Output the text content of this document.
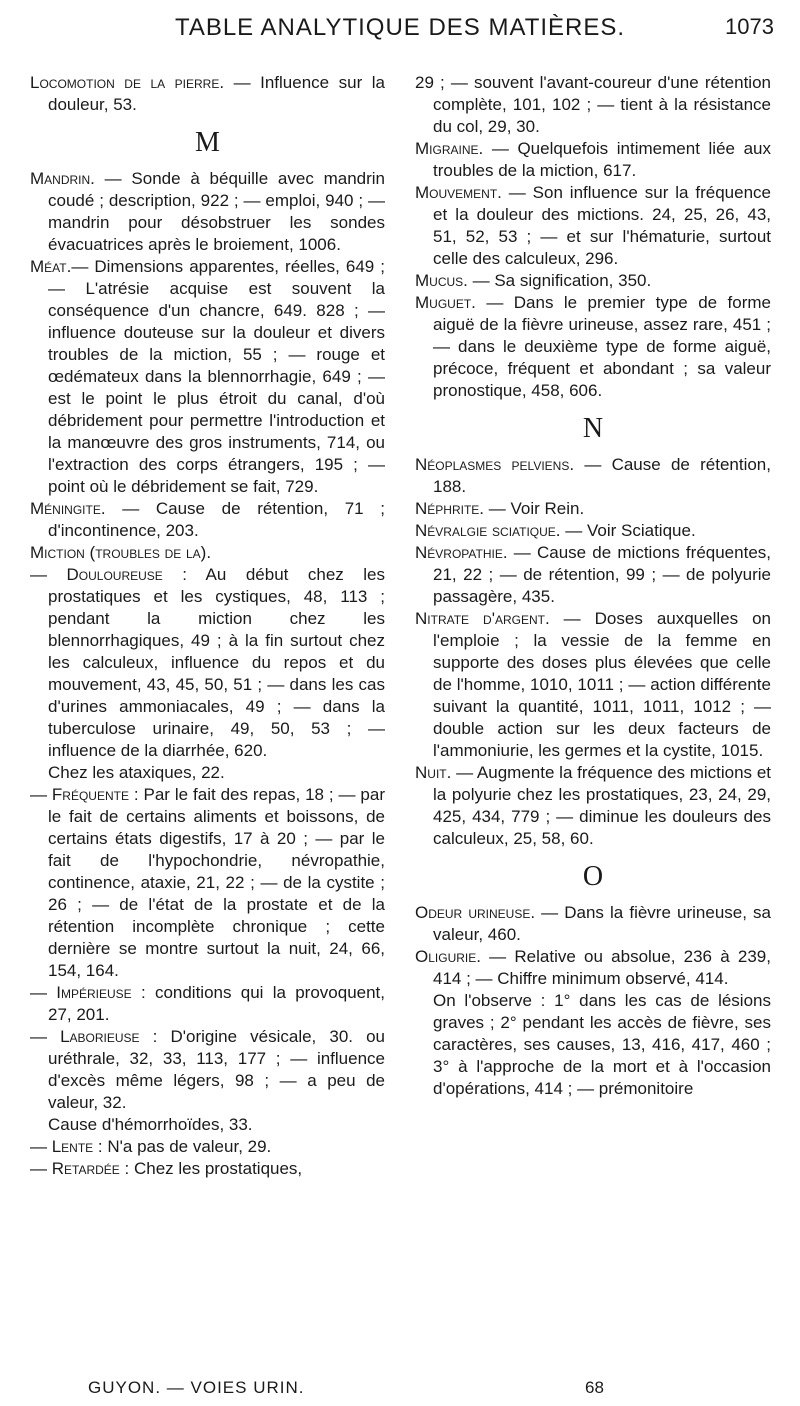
TABLE ANALYTIQUE DES MATIÈRES.	1073

Locomotion de la pierre. — Influence sur la douleur, 53.

M

Mandrin. — Sonde à béquille avec mandrin coudé ; description, 922 ; — emploi, 940 ; — mandrin pour désobstruer les sondes évacuatrices après le broiement, 1006.

Méat.— Dimensions apparentes, réelles, 649 ; — L'atrésie acquise est souvent la conséquence d'un chancre, 649. 828 ; — influence douteuse sur la douleur et divers troubles de la miction, 55 ; — rouge et œdémateux dans la blennorrhagie, 649 ; — est le point le plus étroit du canal, d'où débridement pour permettre l'introduction et la manœuvre des gros instruments, 714, ou l'extraction des corps étrangers, 195 ; — point où le débridement se fait, 729.

Méningite. — Cause de rétention, 71 ; d'incontinence, 203.

Miction (troubles de la).

— Douloureuse : Au début chez les prostatiques et les cystiques, 48, 113 ; pendant la miction chez les blennorrhagiques, 49 ; à la fin surtout chez les calculeux, influence du repos et du mouvement, 43, 45, 50, 51 ; — dans les cas d'urines ammoniacales, 49 ; — dans la tuberculose urinaire, 49, 50, 53 ; — influence de la diarrhée, 620.

Chez les ataxiques, 22.

— Fréquente : Par le fait des repas, 18 ; — par le fait de certains aliments et boissons, de certains états digestifs, 17 à 20 ; — par le fait de l'hypochondrie, névropathie, continence, ataxie, 21, 22 ; — de la cystite ; 26 ; — de l'état de la prostate et de la rétention incomplète chronique ; cette dernière se montre surtout la nuit, 24, 66, 154, 164.

— Impérieuse : conditions qui la provoquent, 27, 201.

— Laborieuse : D'origine vésicale, 30. ou uréthrale, 32, 33, 113, 177 ; — influence d'excès même légers, 98 ; — a peu de valeur, 32.

Cause d'hémorrhoïdes, 33.

— Lente : N'a pas de valeur, 29.

— Retardée : Chez les prostatiques,

29 ; — souvent l'avant-coureur d'une rétention complète, 101, 102 ; — tient à la résistance du col, 29, 30.

Migraine. — Quelquefois intimement liée aux troubles de la miction, 617.

Mouvement. — Son influence sur la fréquence et la douleur des mictions. 24, 25, 26, 43, 51, 52, 53 ; — et sur l'hématurie, surtout celle des calculeux, 296.

Mucus. — Sa signification, 350.

Muguet. — Dans le premier type de forme aiguë de la fièvre urineuse, assez rare, 451 ; — dans le deuxième type de forme aiguë, précoce, fréquent et abondant ; sa valeur pronostique, 458, 606.

N

Néoplasmes pelviens. — Cause de rétention, 188.

Néphrite. — Voir Rein.

Névralgie sciatique. — Voir Sciatique.

Névropathie. — Cause de mictions fréquentes, 21, 22 ; — de rétention, 99 ; — de polyurie passagère, 435.

Nitrate d'argent. — Doses auxquelles on l'emploie ; la vessie de la femme en supporte des doses plus élevées que celle de l'homme, 1010, 1011 ; — action différente suivant la quantité, 1011, 1011, 1012 ; — double action sur les deux facteurs de l'ammoniurie, les germes et la cystite, 1015.

Nuit. — Augmente la fréquence des mictions et la polyurie chez les prostatiques, 23, 24, 29, 425, 434, 779 ; — diminue les douleurs des calculeux, 25, 58, 60.

O

Odeur urineuse. — Dans la fièvre urineuse, sa valeur, 460.

Oligurie. — Relative ou absolue, 236 à 239, 414 ; — Chiffre minimum observé, 414.

On l'observe : 1° dans les cas de lésions graves ; 2° pendant les accès de fièvre, ses caractères, ses causes, 13, 416, 417, 460 ; 3° à l'approche de la mort et à l'occasion d'opérations, 414 ; — prémonitoire

GUYON. — VOIES URIN.	68
